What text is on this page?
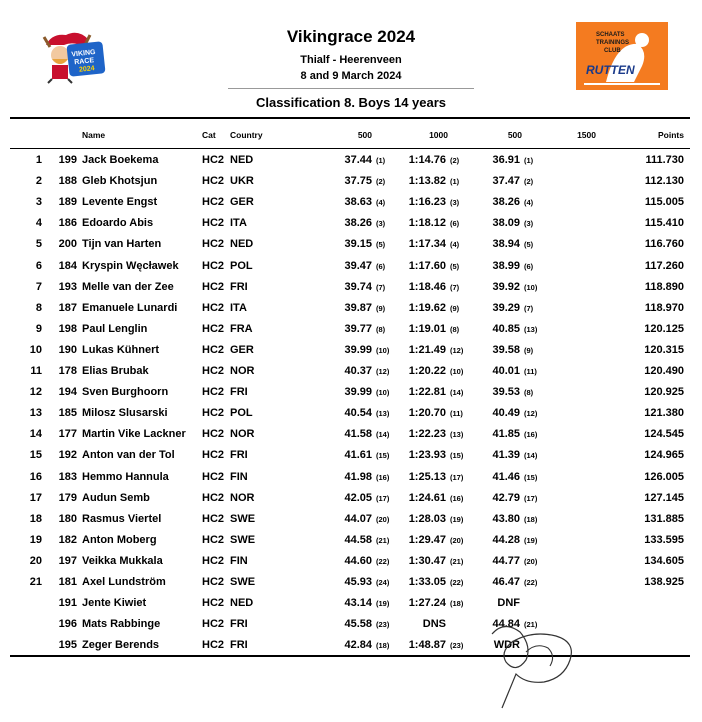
VIKING
RACE
2024
SCHAATS
TRAININGS
CLUB
RUTTEN
Vikingrace 2024
Thialf - Heerenveen
8 and 9 March 2024
Classification 8. Boys 14 years
Name	Cat Country	500	1000	500	1500	Points
1	199 Jack Boekema	HC2 NED	37.44 (1)	1:14.76 (2)	36.91 (1)	111.730
2	188 Gleb Khotsjun	HC2 UKR	37.75 (2)	1:13.82 (1)	37.47 (2)	112.130
3	189 Levente Engst	HC2 GER	38.63 (4)	1:16.23 (3)	38.26 (4)	115.005
4	186 Edoardo Abis	HC2 ITA	38.26 (3)	1:18.12 (6)	38.09 (3)	115.410
5	200 Tijn van Harten	HC2 NED	39.15 (5)	1:17.34 (4)	38.94 (5)	116.760
6	184 Kryspin Węcławek HC2 POL	39.47 (6)	1:17.60 (5)	38.99 (6)	117.260
7	193 Melle van der Zee	HC2 FRI	39.74 (7)	1:18.46 (7)	39.92 (10)	118.890
8	187 Emanuele Lunardi HC2 ITA	39.87 (9)	1:19.62 (9)	39.29 (7)	118.970
9	198 Paul Lenglin	HC2 FRA	39.77 (8)	1:19.01 (8)	40.85 (13)	120.125
10	190 Lukas Kühnert	HC2 GER	39.99 (10)	1:21.49 (12)	39.58 (9)	120.315
11	178 Elias Brubak	HC2 NOR	40.37 (12)	1:20.22 (10)	40.01 (11)	120.490
12	194 Sven Burghoorn	HC2 FRI	39.99 (10)	1:22.81 (14)	39.53 (8)	120.925
13	185 Milosz Slusarski	HC2 POL	40.54 (13)	1:20.70 (11)	40.49 (12)	121.380
14	177 Martin Vike Lackner HC2 NOR	41.58 (14)	1:22.23 (13)	41.85 (16)	124.545
15	192 Anton van der Tol HC2 FRI	41.61 (15)	1:23.93 (15)	41.39 (14)	124.965
16	183 Hemmo Hannula	HC2 FIN	41.98 (16)	1:25.13 (17)	41.46 (15)	126.005
17	179 Audun Semb	HC2 NOR	42.05 (17)	1:24.61 (16)	42.79 (17)	127.145
18	180 Rasmus Viertel	HC2 SWE	44.07 (20)	1:28.03 (19)	43.80 (18)	131.885
19	182 Anton Moberg	HC2 SWE	44.58 (21)	1:29.47 (20)	44.28 (19)	133.595
20	197 Veikka Mukkala	HC2 FIN	44.60 (22)	1:30.47 (21)	44.77 (20)	134.605
21	181 Axel Lundström	HC2 SWE	45.93 (24)	1:33.05 (22)	46.47 (22)	138.925
191 Jente Kiwiet	HC2 NED	43.14 (19)	1:27.24 (18)	DNF
196 Mats Rabbinge	HC2 FRI	45.58 (23)	DNS	44.84 (21)
195 Zeger Berends	HC2 FRI	42.84 (18)	1:48.87 (23)	WDR
